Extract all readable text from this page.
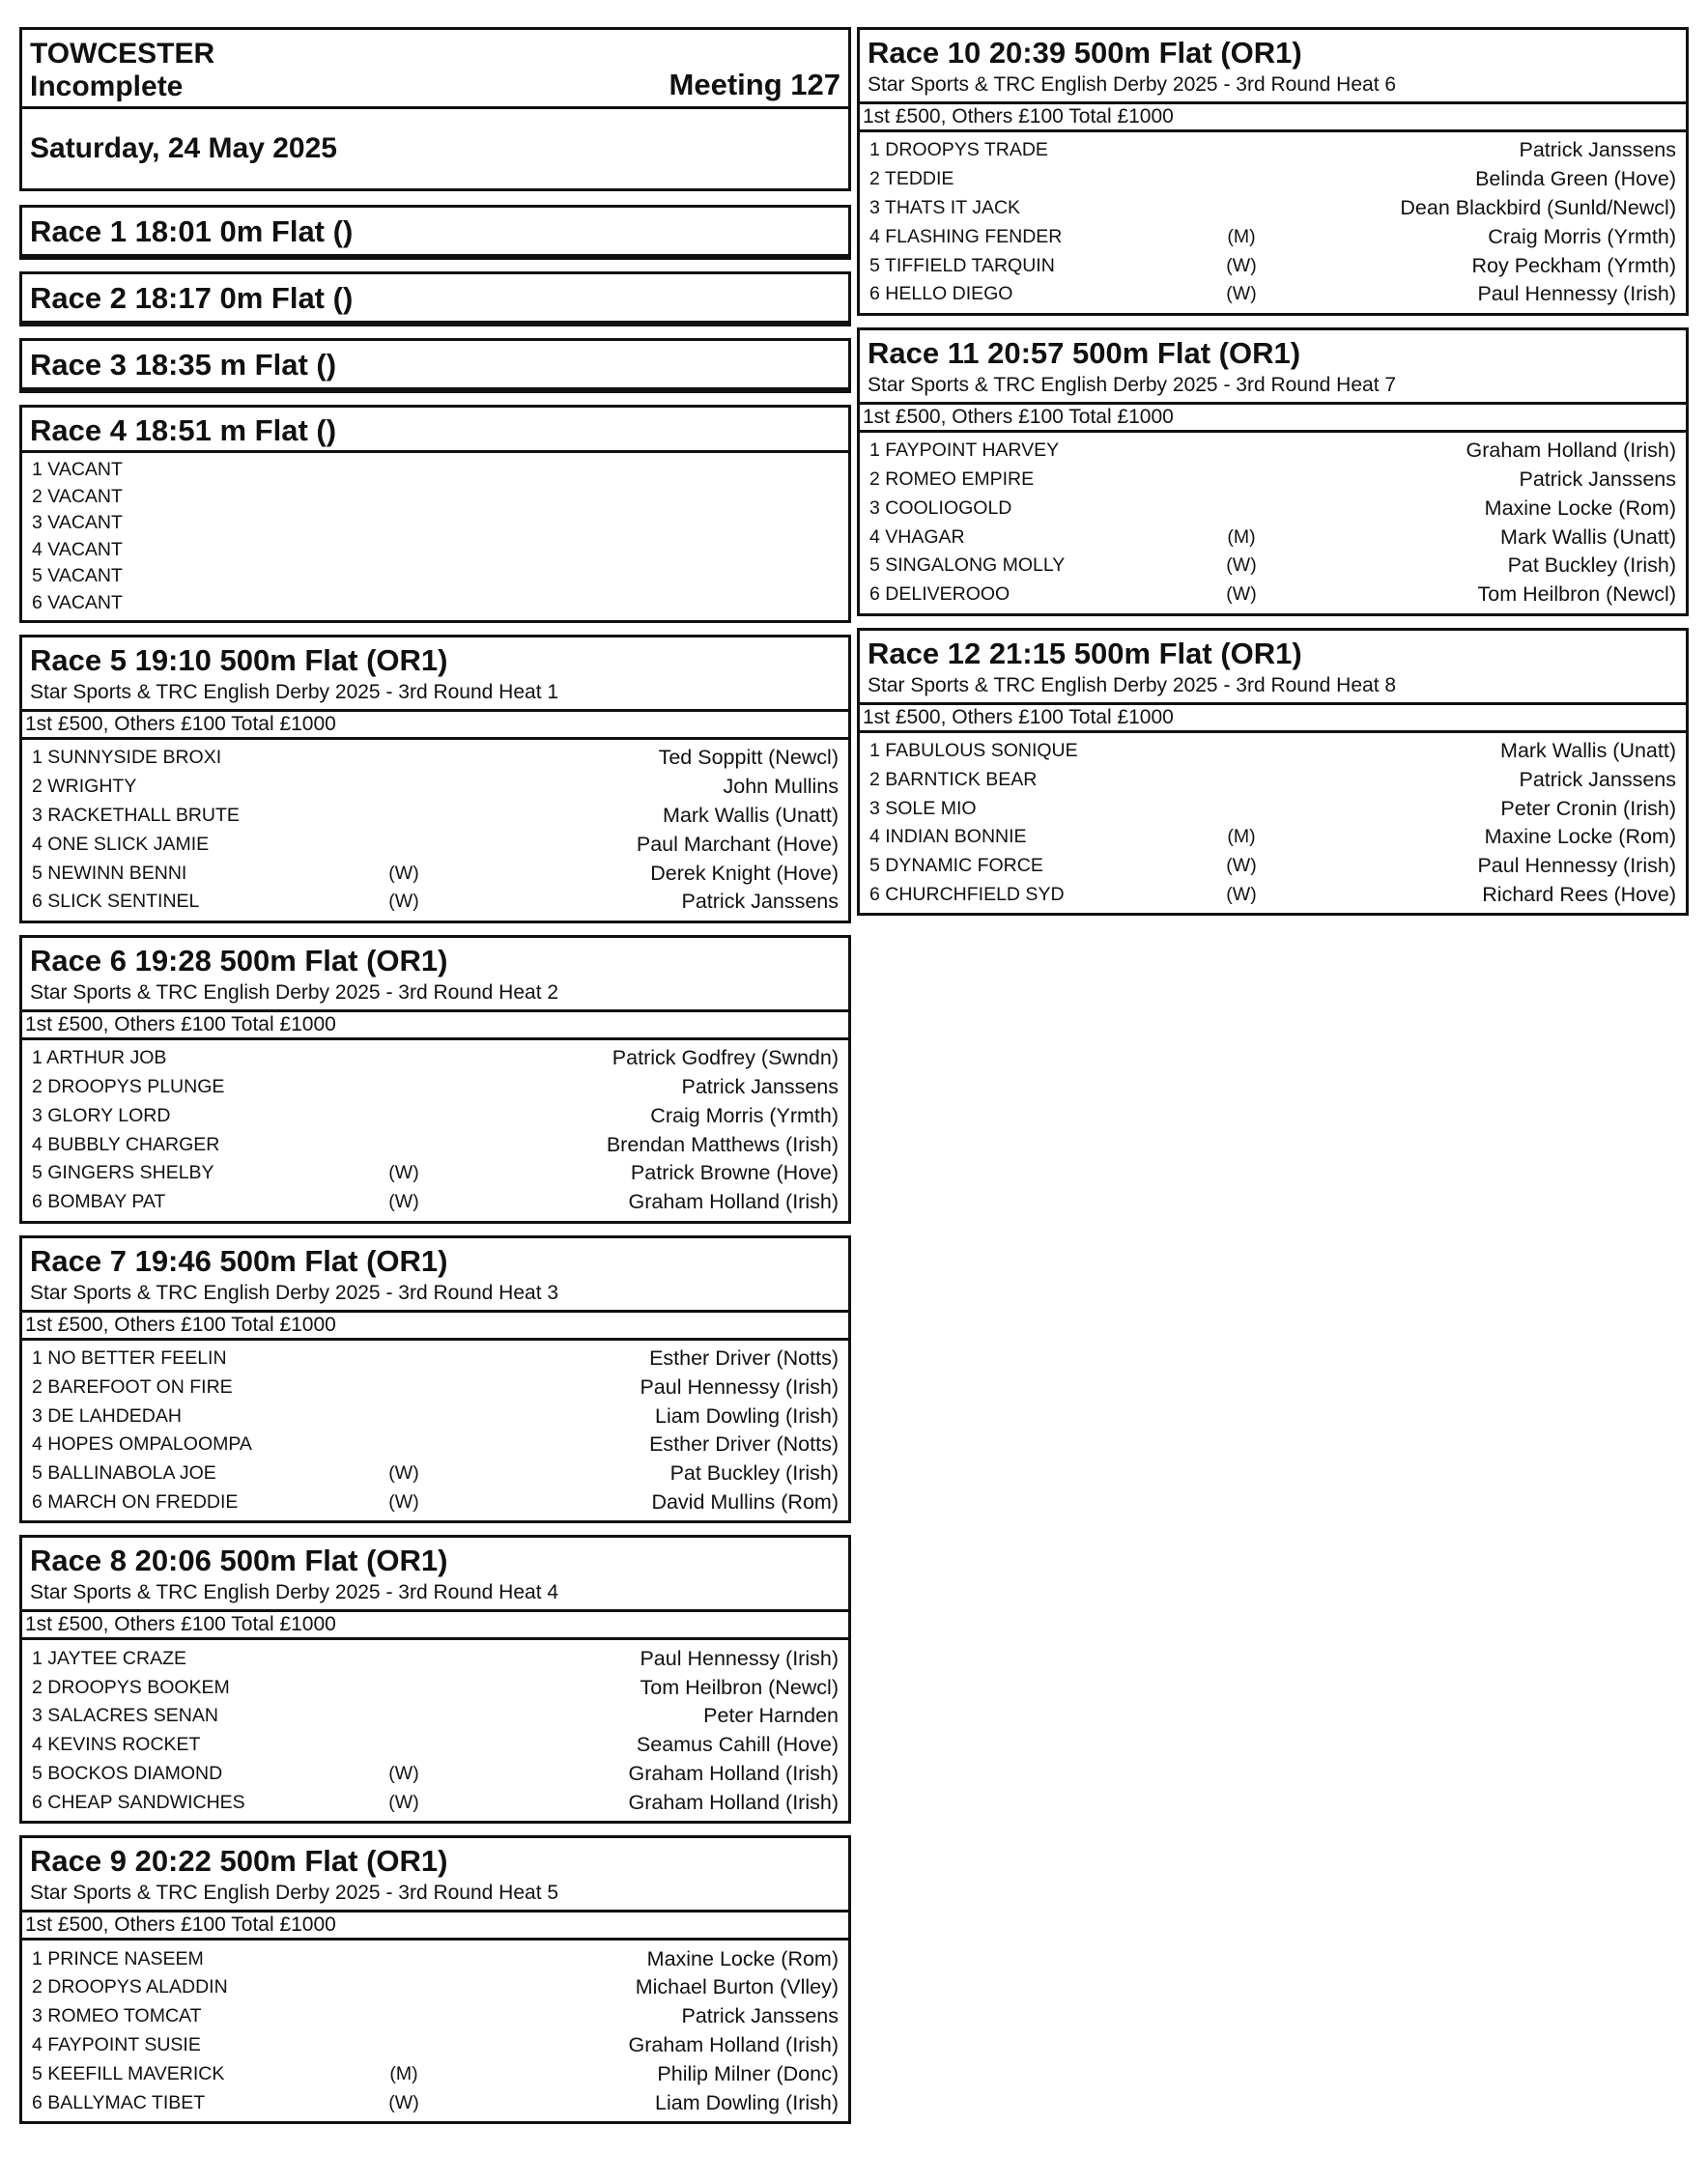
TOWCESTER
Incomplete	Meeting 127
Saturday, 24 May 2025
Race 1 18:01 0m Flat ()
Race 2 18:17 0m Flat ()
Race 3 18:35 m Flat ()
Race 4 18:51 m Flat ()
1 VACANT
2 VACANT
3 VACANT
4 VACANT
5 VACANT
6 VACANT
Race 5 19:10 500m Flat (OR1)
Star Sports & TRC English Derby 2025 - 3rd Round Heat 1
1st £500, Others £100 Total £1000
1 SUNNYSIDE BROXI	Ted Soppitt (Newcl)
2 WRIGHTY	John Mullins
3 RACKETHALL BRUTE	Mark Wallis (Unatt)
4 ONE SLICK JAMIE	Paul Marchant (Hove)
5 NEWINN BENNI	(W)	Derek Knight (Hove)
6 SLICK SENTINEL	(W)	Patrick Janssens
Race 6 19:28 500m Flat (OR1)
Star Sports & TRC English Derby 2025 - 3rd Round Heat 2
1st £500, Others £100 Total £1000
1 ARTHUR JOB	Patrick Godfrey (Swndn)
2 DROOPYS PLUNGE	Patrick Janssens
3 GLORY LORD	Craig Morris (Yrmth)
4 BUBBLY CHARGER	Brendan Matthews (Irish)
5 GINGERS SHELBY	(W)	Patrick Browne (Hove)
6 BOMBAY PAT	(W)	Graham Holland (Irish)
Race 7 19:46 500m Flat (OR1)
Star Sports & TRC English Derby 2025 - 3rd Round Heat 3
1st £500, Others £100 Total £1000
1 NO BETTER FEELIN	Esther Driver (Notts)
2 BAREFOOT ON FIRE	Paul Hennessy (Irish)
3 DE LAHDEDAH	Liam Dowling (Irish)
4 HOPES OMPALOOMPA	Esther Driver (Notts)
5 BALLINABOLA JOE	(W)	Pat Buckley (Irish)
6 MARCH ON FREDDIE	(W)	David Mullins (Rom)
Race 8 20:06 500m Flat (OR1)
Star Sports & TRC English Derby 2025 - 3rd Round Heat 4
1st £500, Others £100 Total £1000
1 JAYTEE CRAZE	Paul Hennessy (Irish)
2 DROOPYS BOOKEM	Tom Heilbron (Newcl)
3 SALACRES SENAN	Peter Harnden
4 KEVINS ROCKET	Seamus Cahill (Hove)
5 BOCKOS DIAMOND	(W)	Graham Holland (Irish)
6 CHEAP SANDWICHES	(W)	Graham Holland (Irish)
Race 9 20:22 500m Flat (OR1)
Star Sports & TRC English Derby 2025 - 3rd Round Heat 5
1st £500, Others £100 Total £1000
1 PRINCE NASEEM	Maxine Locke (Rom)
2 DROOPYS ALADDIN	Michael Burton (Vlley)
3 ROMEO TOMCAT	Patrick Janssens
4 FAYPOINT SUSIE	Graham Holland (Irish)
5 KEEFILL MAVERICK	(M)	Philip Milner (Donc)
6 BALLYMAC TIBET	(W)	Liam Dowling (Irish)
Race 10 20:39 500m Flat (OR1)
Star Sports & TRC English Derby 2025 - 3rd Round Heat 6
1st £500, Others £100 Total £1000
1 DROOPYS TRADE	Patrick Janssens
2 TEDDIE	Belinda Green (Hove)
3 THATS IT JACK	Dean Blackbird (Sunld/Newcl)
4 FLASHING FENDER	(M)	Craig Morris (Yrmth)
5 TIFFIELD TARQUIN	(W)	Roy Peckham (Yrmth)
6 HELLO DIEGO	(W)	Paul Hennessy (Irish)
Race 11 20:57 500m Flat (OR1)
Star Sports & TRC English Derby 2025 - 3rd Round Heat 7
1st £500, Others £100 Total £1000
1 FAYPOINT HARVEY	Graham Holland (Irish)
2 ROMEO EMPIRE	Patrick Janssens
3 COOLIOGOLD	Maxine Locke (Rom)
4 VHAGAR	(M)	Mark Wallis (Unatt)
5 SINGALONG MOLLY	(W)	Pat Buckley (Irish)
6 DELIVEROOO	(W)	Tom Heilbron (Newcl)
Race 12 21:15 500m Flat (OR1)
Star Sports & TRC English Derby 2025 - 3rd Round Heat 8
1st £500, Others £100 Total £1000
1 FABULOUS SONIQUE	Mark Wallis (Unatt)
2 BARNTICK BEAR	Patrick Janssens
3 SOLE MIO	Peter Cronin (Irish)
4 INDIAN BONNIE	(M)	Maxine Locke (Rom)
5 DYNAMIC FORCE	(W)	Paul Hennessy (Irish)
6 CHURCHFIELD SYD	(W)	Richard Rees (Hove)
